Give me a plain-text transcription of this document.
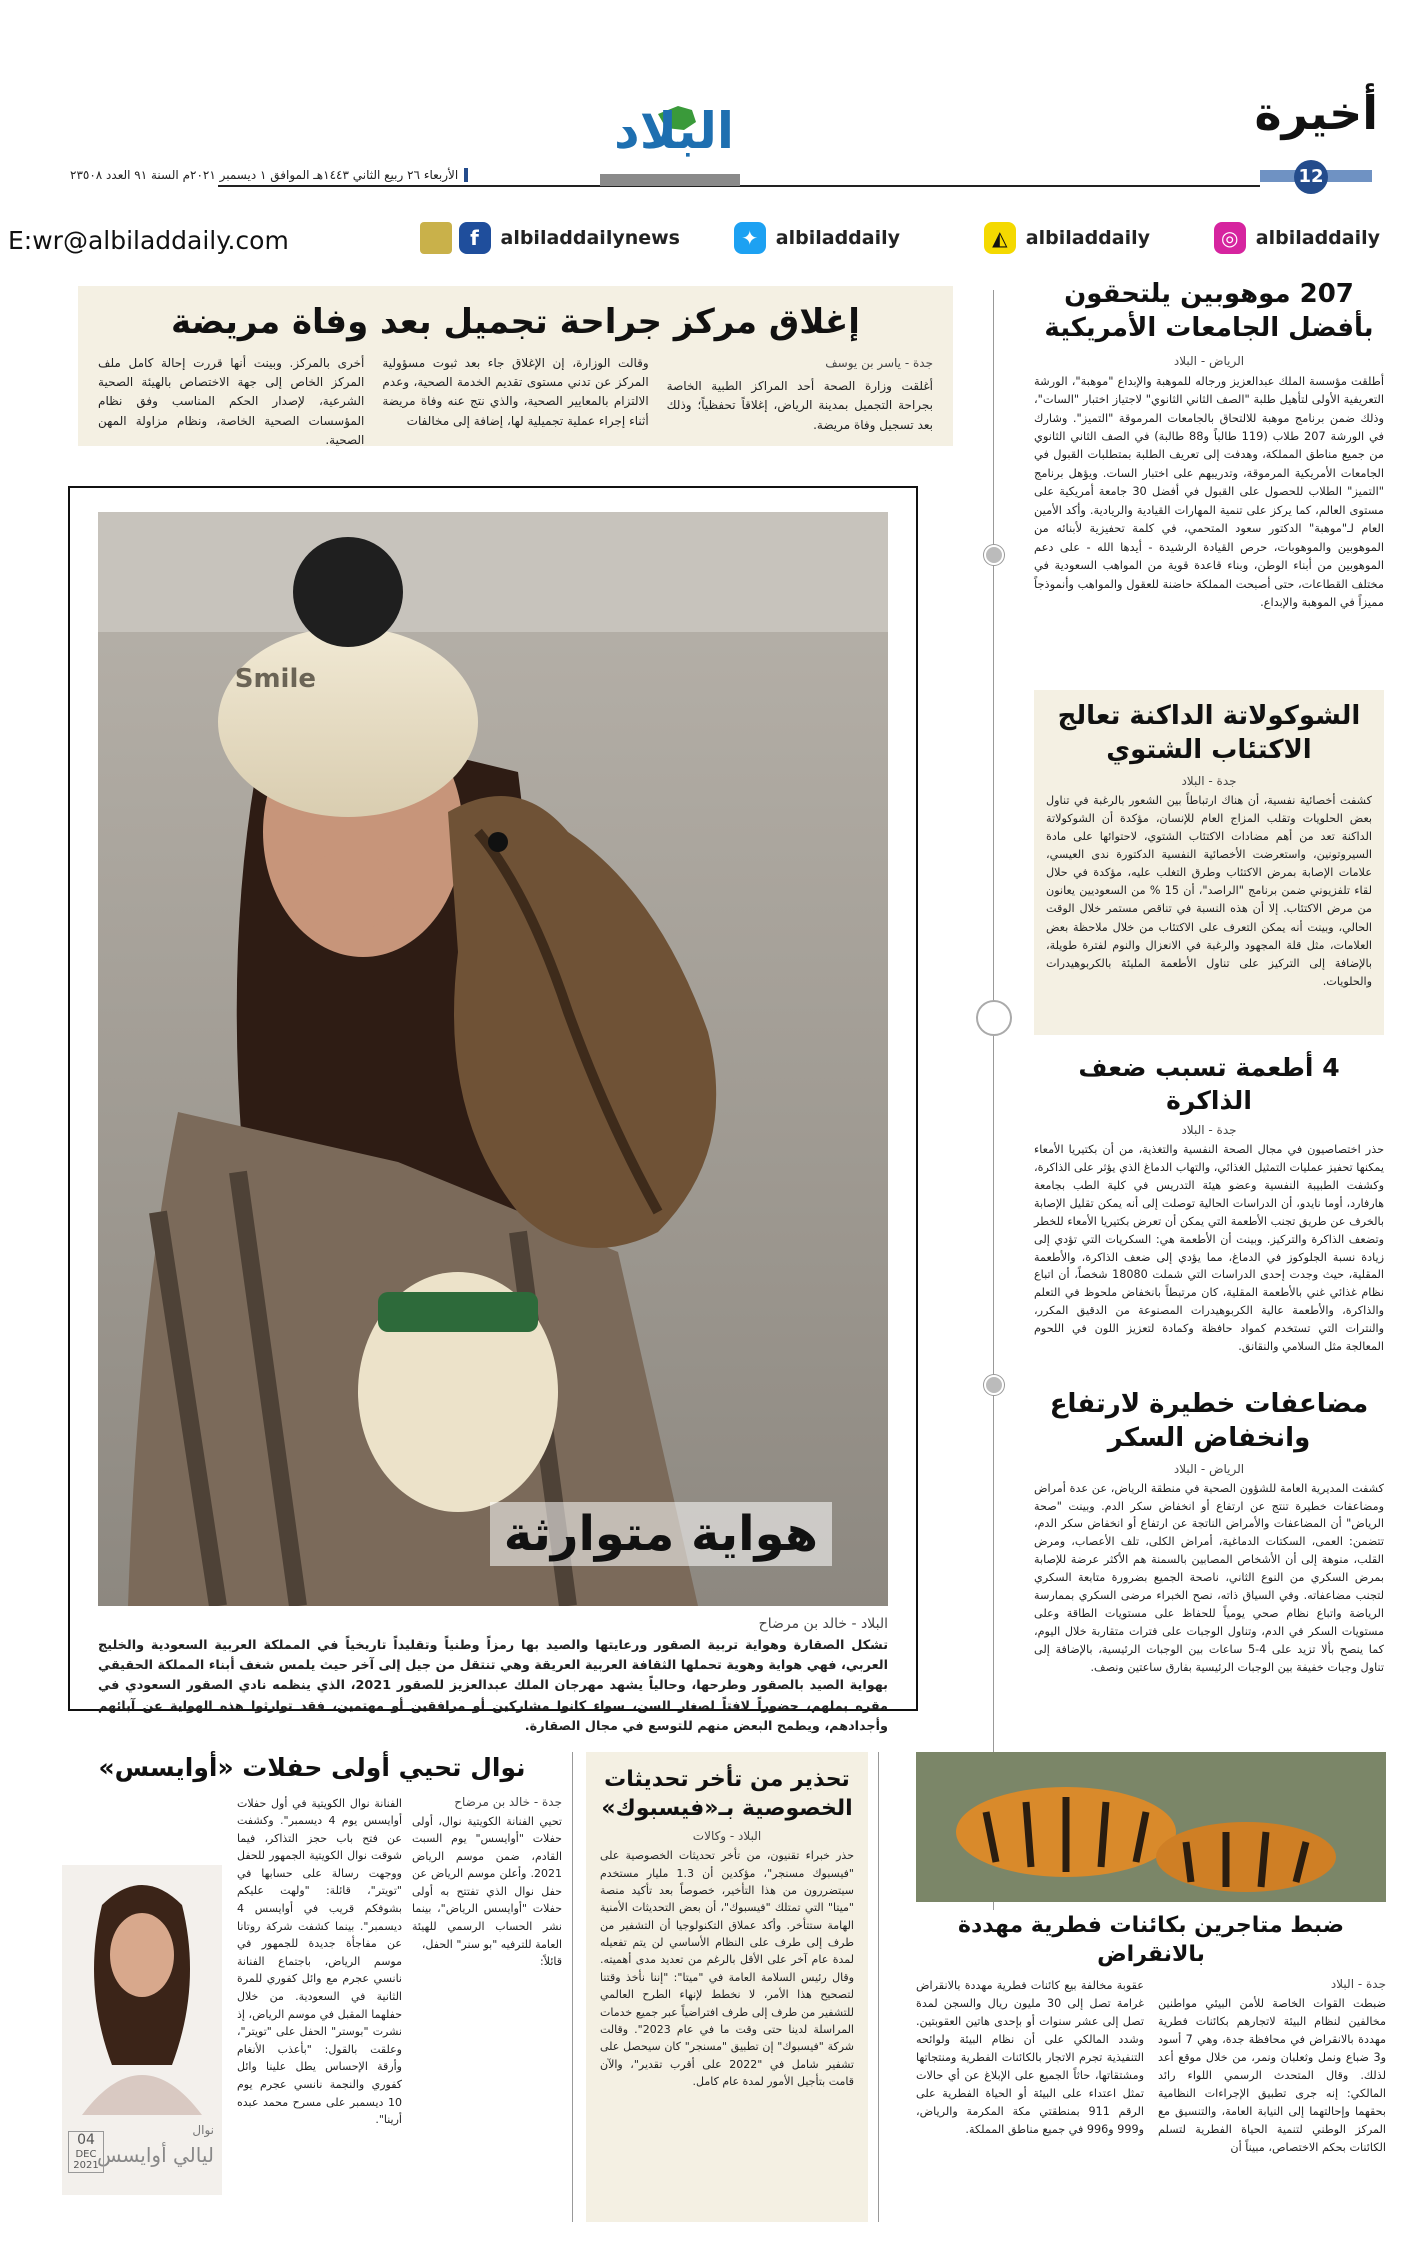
أخيرة
12
البلاد
الأربعاء ٢٦ ربيع الثاني ١٤٤٣هـ الموافق ١ ديسمبر ٢٠٢١م السنة ٩١ العدد ٢٣٥٠٨
◎ albiladdaily
◭ albiladdaily
✦ albiladdaily
f	albiladdailynews
E:wr@albiladdaily.com
إغلاق مركز جراحة تجميل بعد وفاة مريضة
جدة - ياسر بن يوسف
أغلقت وزارة الصحة أحد المراكز الطبية الخاصة بجراحة التجميل بمدينة الرياض، إغلاقاً تحفظياً؛ وذلك بعد تسجيل وفاة مريضة.
وقالت الوزارة، إن الإغلاق جاء بعد ثبوت مسؤولية المركز عن تدني مستوى تقديم الخدمة الصحية، وعدم الالتزام بالمعايير الصحية، والذي نتج عنه وفاة مريضة أثناء إجراء عملية تجميلية لها، إضافة إلى مخالفات
أخرى بالمركز. وبينت أنها قررت إحالة كامل ملف المركز الخاص إلى جهة الاختصاص بالهيئة الصحية الشرعية، لإصدار الحكم المناسب وفق نظام المؤسسات الصحية الخاصة، ونظام مزاولة المهن الصحية.
Smile
هواية متوارثة
البلاد - خالد بن مرضاح
تشكل الصقارة وهواية تربية الصقور ورعايتها والصيد بها رمزاً وطنياً وتقليداً تاريخياً في المملكة العربية السعودية والخليج العربي، فهي هواية وهوية تحملها الثقافة العربية العريقة وهي تنتقل من جيل إلى آخر حيث يلمس شغف أبناء المملكة الحقيقي بهواية الصيد بالصقور وطرحها، وحالياً يشهد مهرجان الملك عبدالعزيز للصقور 2021، الذي ينظمه نادي الصقور السعودي في مقره بملهم، حضوراً لافتاً لصغار السن، سواء كانوا مشاركين أو مرافقين أو مهتمين، فقد توارثوا هذه الهواية عن آبائهم وأجدادهم، ويطمح البعض منهم للتوسع في مجال الصقارة.
207 موهوبين يلتحقون بأفضل الجامعات الأمريكية
الرياض - البلاد
أطلقت مؤسسة الملك عبدالعزيز ورجاله للموهبة والإبداع "موهبة"، الورشة التعريفية الأولى لتأهيل طلبة "الصف الثاني الثانوي" لاجتياز اختبار "السات"، وذلك ضمن برنامج موهبة للالتحاق بالجامعات المرموقة "التميز". وشارك في الورشة 207 طلاب (119 طالباً و88 طالبة) في الصف الثاني الثانوي من جميع مناطق المملكة، وهدفت إلى تعريف الطلبة بمتطلبات القبول في الجامعات الأمريكية المرموقة، وتدريبهم على اختبار السات. ويؤهل برنامج "التميز" الطلاب للحصول على القبول في أفضل 30 جامعة أمريكية على مستوى العالم، كما يركز على تنمية المهارات القيادية والريادية. وأكد الأمين العام لـ"موهبة" الدكتور سعود المتحمي، في كلمة تحفيزية لأبنائه من الموهوبين والموهوبات، حرص القيادة الرشيدة - أيدها الله - على دعم الموهوبين من أبناء الوطن، وبناء قاعدة قوية من المواهب السعودية في مختلف القطاعات، حتى أصبحت المملكة حاضنة للعقول والمواهب وأنموذجاً مميزاً في الموهبة والإبداع.
الشوكولاتة الداكنة تعالج الاكتئاب الشتوي
جدة - البلاد
كشفت أخصائية نفسية، أن هناك ارتباطاً بين الشعور بالرغبة في تناول بعض الحلويات وتقلب المزاج العام للإنسان، مؤكدة أن الشوكولاتة الداكنة تعد من أهم مضادات الاكتئاب الشتوي، لاحتوائها على مادة السيروتونين، واستعرضت الأخصائية النفسية الدكتورة ندى العيسي، علامات الإصابة بمرض الاكتئاب وطرق التغلب عليه، مؤكدة في حلال لقاء تلفزيوني ضمن برنامج "الراصد"، أن 15 % من السعوديين يعانون من مرض الاكتئاب. إلا أن هذه النسبة في تناقص مستمر خلال الوقت الحالي، وبينت أنه يمكن التعرف على الاكتئاب من خلال ملاحظة بعض العلامات، مثل قلة المجهود والرغبة في الانعزال والنوم لفترة طويلة، بالإضافة إلى التركيز على تناول الأطعمة المليئة بالكربوهيدرات والحلويات.
4 أطعمة تسبب ضعف الذاكرة
جدة - البلاد
حذر اختصاصيون في مجال الصحة النفسية والتغذية، من أن بكتيريا الأمعاء يمكنها تحفيز عمليات التمثيل الغذائي، والتهاب الدماغ الذي يؤثر على الذاكرة، وكشفت الطبيبة النفسية وعضو هيئة التدريس في كلية الطب بجامعة هارفارد، أوما نايدو، أن الدراسات الحالية توصلت إلى أنه يمكن تقليل الإصابة بالخرف عن طريق تجنب الأطعمة التي يمكن أن تعرض بكتيريا الأمعاء للخطر وتضعف الذاكرة والتركيز. وبينت أن الأطعمة هي: السكريات التي تؤدي إلى زيادة نسبة الجلوكوز في الدماغ، مما يؤدي إلى ضعف الذاكرة، والأطعمة المقلية، حيث وجدت إحدى الدراسات التي شملت 18080 شخصاً، أن اتباع نظام غذائي غني بالأطعمة المقلية، كان مرتبطاً بانخفاض ملحوظ في التعلم والذاكرة، والأطعمة عالية الكربوهيدرات المصنوعة من الدقيق المكرر، والنترات التي تستخدم كمواد حافظة وكمادة لتعزيز اللون في اللحوم المعالجة مثل السلامي والنقانق.
مضاعفات خطيرة لارتفاع وانخفاض السكر
الرياض - البلاد
كشفت المديرية العامة للشؤون الصحية في منطقة الرياض، عن عدة أمراض ومضاعفات خطيرة تنتج عن ارتفاع أو انخفاض سكر الدم. وبينت "صحة الرياض" أن المضاعفات والأمراض الناتجة عن ارتفاع أو انخفاض سكر الدم، تتضمن: العمى، السكتات الدماغية، أمراض الكلى، تلف الأعصاب، ومرض القلب، منوهة إلى أن الأشخاص المصابين بالسمنة هم الأكثر عرضة للإصابة بمرض السكري من النوع الثاني، ناصحة الجميع بضرورة متابعة السكري لتجنب مضاعفاته. وفي السياق ذاته، نصح الخبراء مرضى السكري بممارسة الرياضة واتباع نظام صحي يومياً للحفاظ على مستويات الطاقة وعلى مستويات السكر في الدم، وتناول الوجبات على فترات متقاربة خلال اليوم، كما ينصح بألا تزيد على 4-5 ساعات بين الوجبات الرئيسية، بالإضافة إلى تناول وجبات خفيفة بين الوجبات الرئيسية بفارق ساعتين ونصف.
ضبط متاجرين بكائنات فطرية مهددة بالانقراض
جدة - البلاد
ضبطت القوات الخاصة للأمن البيئي مواطنين مخالفين لنظام البيئة لاتجارهم بكائنات فطرية مهددة بالانقراض في محافظة جدة، وهي 7 أسود و3 ضباع ونمل وثعلبان ونمر، من خلال موقع أعد لذلك. وقال المتحدث الرسمي اللواء رائد المالكي: إنه جرى تطبيق الإجراءات النظامية بحقهما وإحالتهما إلى النيابة العامة، والتنسيق مع المركز الوطني لتنمية الحياة الفطرية لتسلم الكائنات بحكم الاختصاص، مبيناً أن
عقوبة مخالفة بيع كائنات فطرية مهددة بالانقراض غرامة تصل إلى 30 مليون ريال والسجن لمدة تصل إلى عشر سنوات أو بإحدى هاتين العقوبتين. وشدد المالكي على أن نظام البيئة ولوائحه التنفيذية تجرم الاتجار بالكائنات الفطرية ومنتجاتها ومشتقاتها، حاثاً الجميع على الإبلاغ عن أي حالات تمثل اعتداء على البيئة أو الحياة الفطرية على الرقم 911 بمنطقتي مكة المكرمة والرياض، و999 و996 في جميع مناطق المملكة.
تحذير من تأخر تحديثات الخصوصية بـ«فيسبوك»
البلاد - وكالات
حذر خبراء تقنيون، من تأخر تحديثات الخصوصية على "فيسبوك مسنجر"، مؤكدين أن 1.3 مليار مستخدم سيتضررون من هذا التأخير، خصوصاً بعد تأكيد منصة "ميتا" التي تمتلك "فيسبوك"، أن بعض التحديثات الأمنية الهامة ستتأخر. وأكد عملاق التكنولوجيا أن التشفير من طرف إلى طرف على النظام الأساسي لن يتم تفعيله لمدة عام آخر على الأقل بالرغم من تعديد مدى أهميته. وقال رئيس السلامة العامة في "ميتا": "إننا نأخذ وقتنا لتصحيح هذا الأمر، لا نخطط لإنهاء الطرح العالمي للتشفير من طرف إلى طرف افتراضياً عبر جميع خدمات المراسلة لدينا حتى وقت ما في عام 2023". وقالت شركة "فيسبوك" إن تطبيق "مسنجر" كان سيحصل على تشفير شامل في "2022 على أقرب تقدير"، والآن قامت بتأجيل الأمور لمدة عام كامل.
نوال تحيي أولى حفلات «أوايسس»
جدة - خالد بن مرضاح
تحيي الفنانة الكويتية نوال، أولى حفلات "أوايسس" يوم السبت القادم، ضمن موسم الرياض 2021. وأعلن موسم الرياض عن حفل نوال الذي تفتتح به أولى حفلات "أوايسس الرياض"، بينما نشر الحساب الرسمي للهيئة العامة للترفيه "بو سنر" الحفل،
قائلاً:
الفنانة نوال الكويتية في أول حفلات أوايسس يوم 4 ديسمبر". وكشفت عن فتح باب حجز التذاكر، فيما شوقت نوال الكويتية الجمهور للحفل ووجهت رسالة على حسابها في "تويتر"، قائلة: "ولهت عليكم بشوفكم قريب في أوايسس 4 ديسمبر". بينما كشفت شركة روتانا عن مفاجأة جديدة للجمهور في موسم الرياض، باجتماع الفنانة نانسي عجرم مع وائل كفوري للمرة الثانية في السعودية. من خلال حفلهما المقبل في موسم الرياض، إذ نشرت "بوستر" الحفل على "تويتر"، وعلقت بالقول: "بأعذب الأنغام وأرقة الإحساس يطل علينا وائل كفوري والنجمة نانسي عجرم يوم 10 ديسمبر على مسرح محمد عبده أرينا".
نوال
ليالي أوايسس
04
DEC
2021
